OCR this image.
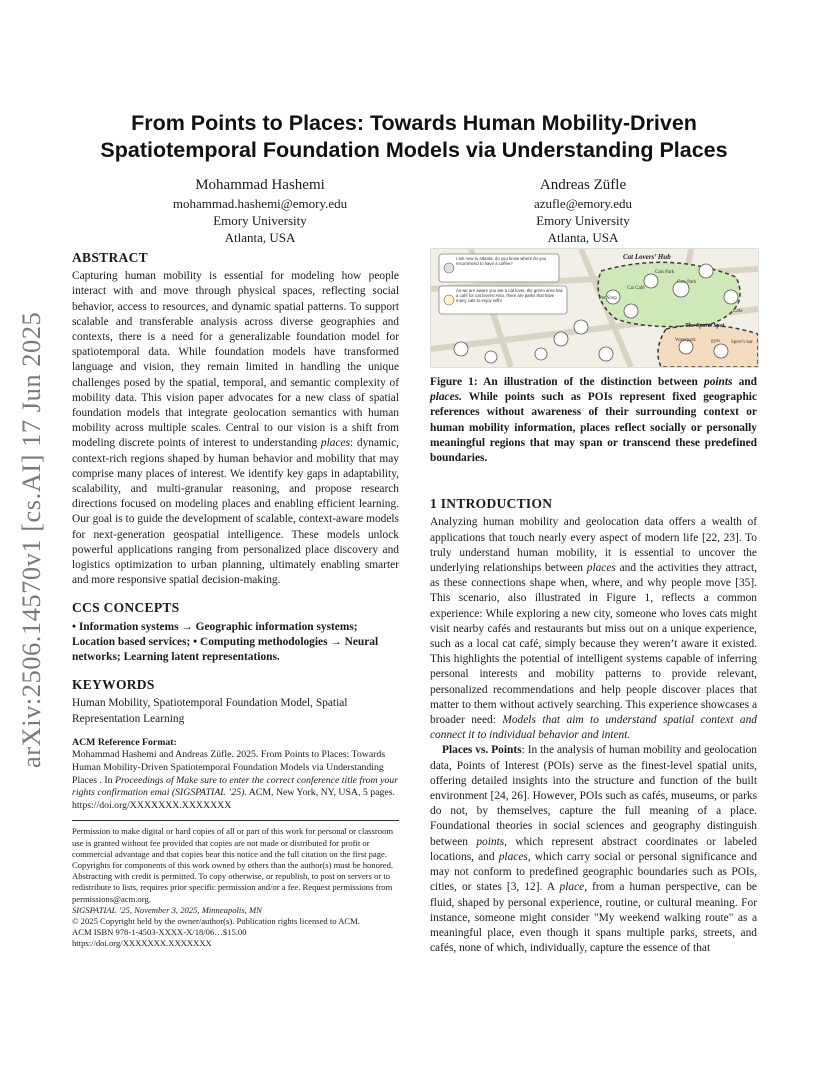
arXiv:2506.14570v1 [cs.AI] 17 Jun 2025
From Points to Places: Towards Human Mobility-Driven
Spatiotemporal Foundation Models via Understanding Places
Mohammad Hashemi
mohammad.hashemi@emory.edu
Emory University
Atlanta, USA
Andreas Züfle
azufle@emory.edu
Emory University
Atlanta, USA
ABSTRACT

Capturing human mobility is essential for modeling how people interact with and move through physical spaces, reflecting social behavior, access to resources, and dynamic spatial patterns. To support scalable and transferable analysis across diverse geographies and contexts, there is a need for a generalizable foundation model for spatiotemporal data. While foundation models have transformed language and vision, they remain limited in handling the unique challenges posed by the spatial, temporal, and semantic complexity of mobility data. This vision paper advocates for a new class of spatial foundation models that integrate geolocation semantics with human mobility across multiple scales. Central to our vision is a shift from modeling discrete points of interest to understanding places: dynamic, context-rich regions shaped by human behavior and mobility that may comprise many places of interest. We identify key gaps in adaptability, scalability, and multi-granular reasoning, and propose research directions focused on modeling places and enabling efficient learning. Our goal is to guide the development of scalable, context-aware models for next-generation geospatial intelligence. These models unlock powerful applications ranging from personalized place discovery and logistics optimization to urban planning, ultimately enabling smarter and more responsive spatial decision-making.

CCS CONCEPTS

• Information systems → Geographic information systems; Location based services; • Computing methodologies → Neural networks; Learning latent representations.

KEYWORDS

Human Mobility, Spatiotemporal Foundation Model, Spatial Representation Learning

ACM Reference Format:

Mohammad Hashemi and Andreas Züfle. 2025. From Points to Places: Towards Human Mobility-Driven Spatiotemporal Foundation Models via Understanding Places . In Proceedings of Make sure to enter the correct conference title from your rights confirmation emai (SIGSPATIAL ’25). ACM, New York, NY, USA, 5 pages. https://doi.org/XXXXXXX.XXXXXXX

Permission to make digital or hard copies of all or part of this work for personal or classroom use is granted without fee provided that copies are not made or distributed for profit or commercial advantage and that copies bear this notice and the full citation on the first page. Copyrights for components of this work owned by others than the author(s) must be honored. Abstracting with credit is permitted. To copy otherwise, or republish, to post on servers or to redistribute to lists, requires prior specific permission and/or a fee. Request permissions from permissions@acm.org.

SIGSPATIAL ’25, November 3, 2025, Minneapolis, MN

© 2025 Copyright held by the owner/author(s). Publication rights licensed to ACM.

ACM ISBN 978-1-4503-XXXX-X/18/06…$15.00

https://doi.org/XXXXXXX.XXXXXXX

I am new to Atlanta, do you know where do you recommend to have a coffee?
As we are aware you are a cat lover, the green area has a café for cat lovers! Also, there are parks that have many cats to enjoy with!
Cat Lovers’ Hub
Cats Park
Cat Café
Cats Park
Pet Shop
Cafe
Waterpark	gym Sport’s bar
The Sports Spot

Figure 1: An illustration of the distinction between points and places. While points such as POIs represent fixed geographic references without awareness of their surrounding context or human mobility information, places reflect socially or personally meaningful regions that may span or transcend these predefined boundaries.

1 INTRODUCTION

Analyzing human mobility and geolocation data offers a wealth of applications that touch nearly every aspect of modern life [22, 23]. To truly understand human mobility, it is essential to uncover the underlying relationships between places and the activities they attract, as these connections shape when, where, and why people move [35]. This scenario, also illustrated in Figure 1, reflects a common experience: While exploring a new city, someone who loves cats might visit nearby cafés and restaurants but miss out on a unique experience, such as a local cat café, simply because they weren’t aware it existed. This highlights the potential of intelligent systems capable of inferring personal interests and mobility patterns to provide relevant, personalized recommendations and help people discover places that matter to them without actively searching. This experience showcases a broader need: Models that aim to understand spatial context and connect it to individual behavior and intent.

Places vs. Points: In the analysis of human mobility and geolocation data, Points of Interest (POIs) serve as the finest-level spatial units, offering detailed insights into the structure and function of the built environment [24, 26]. However, POIs such as cafés, museums, or parks do not, by themselves, capture the full meaning of a place. Foundational theories in social sciences and geography distinguish between points, which represent abstract coordinates or labeled locations, and places, which carry social or personal significance and may not conform to predefined geographic boundaries such as POIs, cities, or states [3, 12]. A place, from a human perspective, can be fluid, shaped by personal experience, routine, or cultural meaning. For instance, someone might consider "My weekend walking route" as a meaningful place, even though it spans multiple parks, streets, and cafés, none of which, individually, capture the essence of that
